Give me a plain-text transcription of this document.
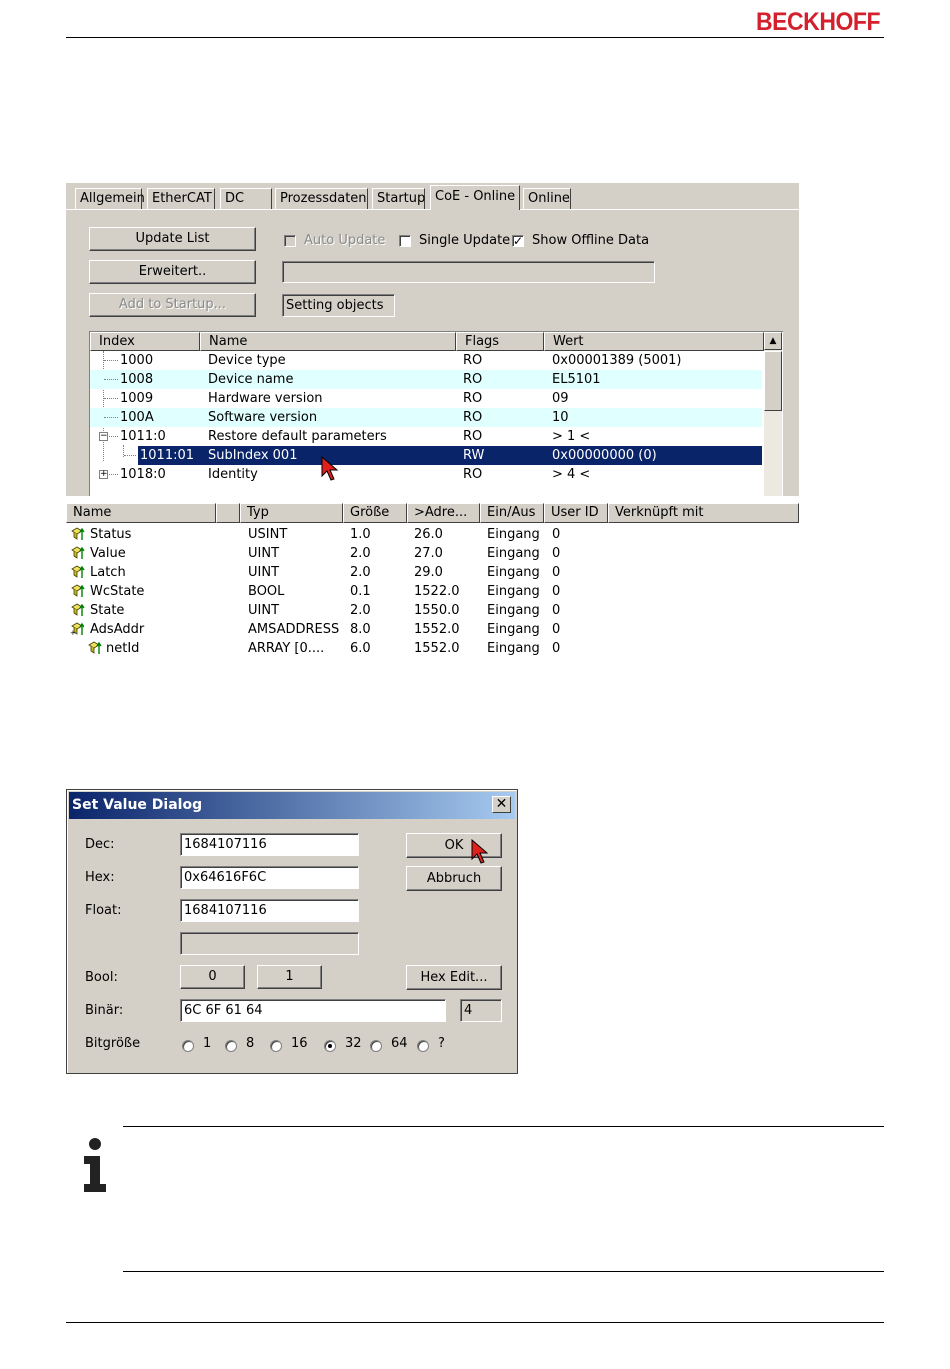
BECKHOFF
Allgemein EtherCAT	DC	Prozessdaten Startup CoE - Online Online
Update List
Erweitert..
Add to Startup...
Auto Update	Single Update ✓ Show Offline Data
Setting objects
Index	Name	Flags	Wert
1000	Device type	RO	0x00001389 (5001)
1008	Device name	RO	EL5101
1009	Hardware version	RO	09
100A	Software version	RO	10
− 1011:0	Restore default parameters	RO	> 1 <
1011:01 SubIndex 001	RW	0x00000000 (0)
+ 1018:0	Identity	RO	> 4 <
▲
Name	Typ	Größe	>Adre...	Ein/Aus	User ID	Verknüpft mit
Status	USINT	1.0	26.0	Eingang 0
Value	UINT	2.0	27.0	Eingang 0
Latch	UINT	2.0	29.0	Eingang 0
WcState	BOOL	0.1	1522.0 Eingang 0
State	UINT	2.0	1550.0 Eingang 0
+ AdsAddr	AMSADDRESS 8.0	1552.0 Eingang 0
netId	ARRAY [0.... 6.0	1552.0 Eingang 0
Set Value Dialog	✕
Dec:	1684107116
Hex:	0x64616F6C
Float:	1684107116
Bool:	0	1
Binär:	6C 6F 61 64	4
Bitgröße	1	8	16	32 64 ?
OK
Abbruch
Hex Edit...
